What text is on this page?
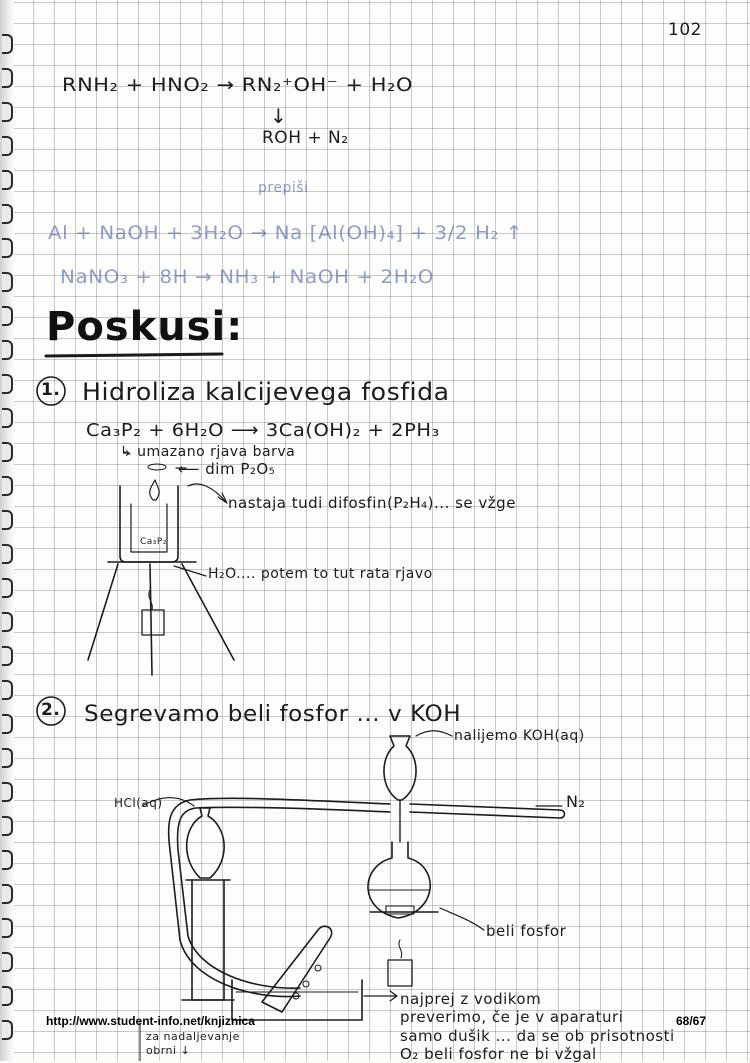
102
RNH₂ + HNO₂ → RN₂⁺OH⁻ + H₂O
↓
ROH + N₂
prepiši
Al + NaOH + 3H₂O → Na [Al(OH)₄] + 3/2 H₂ ↑
NaNO₃ + 8H → NH₃ + NaOH + 2H₂O
Poskusi:
1. Hidroliza kalcijevega fosfida
Ca₃P₂ + 6H₂O ⟶ 3Ca(OH)₂ + 2PH₃
↳ umazano rjava barva
⟵ dim P₂O₅
nastaja tudi difosfin(P₂H₄)... se vžge
H₂O.... potem to tut rata rjavo
Ca₃P₂
2. Segrevamo beli fosfor ... v KOH
nalijemo KOH(aq)
HCl(aq)	N₂
beli fosfor
za nadaljevanje
obrni ↓
najprej z vodikom
preverimo, če je v aparaturi
samo dušik ... da se ob prisotnosti
O₂ beli fosfor ne bi vžgal
http://www.student-info.net/knjiznica	68/67
